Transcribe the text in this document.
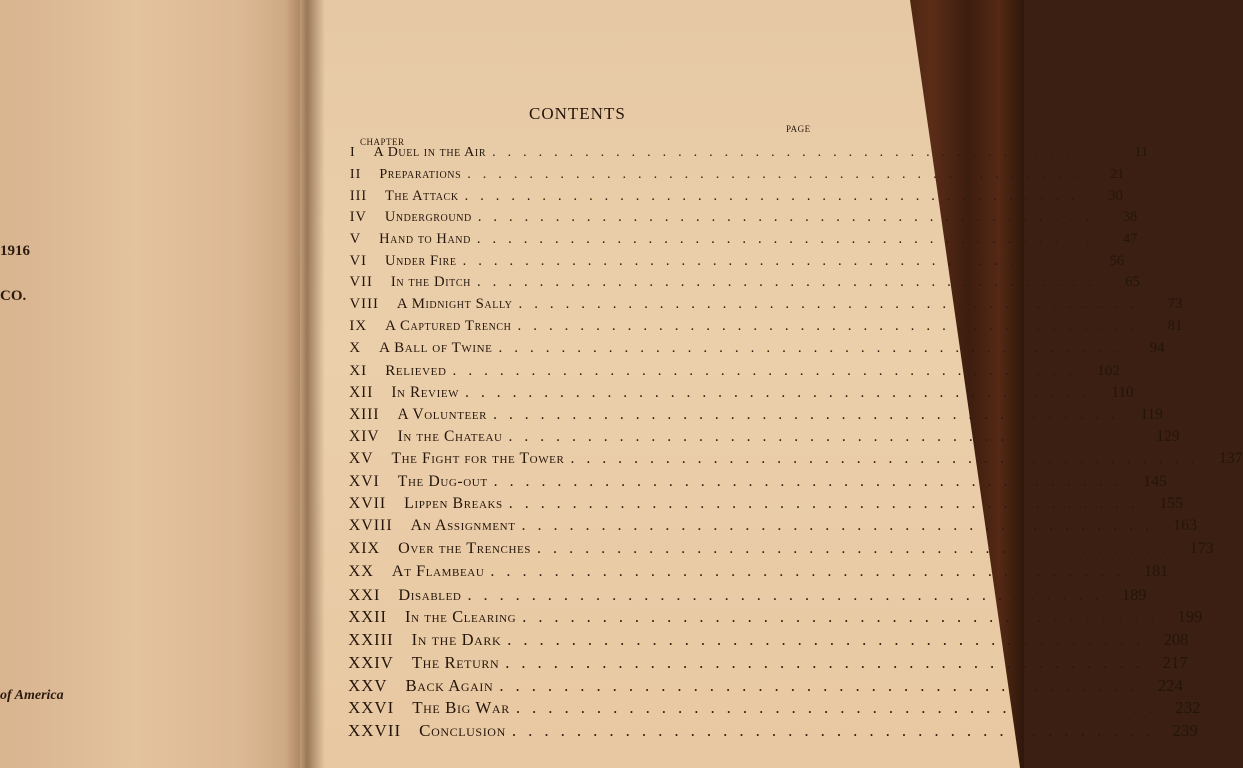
1916
CO.
of America
CONTENTS
CHAPTER
PAGE
I A Duel in the Air ........................................	11
II Preparations ........................................	21
III The Attack ........................................	30
IV Underground ........................................	38
V Hand to Hand ........................................	47
VI Under Fire ........................................	56
VII In the Ditch ........................................	65
VIII A Midnight Sally ........................................	73
IX A Captured Trench ........................................	81
X A Ball of Twine ........................................	94
XI Relieved ........................................ 102
XII In Review ........................................ 110
XIII A Volunteer ........................................ 119
XIV In the Chateau ........................................ 129
XV The Fight for the Tower ........................................ 137
XVI The Dug-out ........................................ 145
XVII Lippen Breaks ........................................ 155
XVIII An Assignment ........................................ 163
XIX Over the Trenches ........................................ 173
XX At Flambeau ........................................ 181
XXI Disabled ........................................ 189
XXII In the Clearing ........................................ 199
XXIII In the Dark ........................................ 208
XXIV The Return ........................................ 217
XXV Back Again ........................................ 224
XXVI The Big War ........................................ 232
XXVII Conclusion ........................................ 239
